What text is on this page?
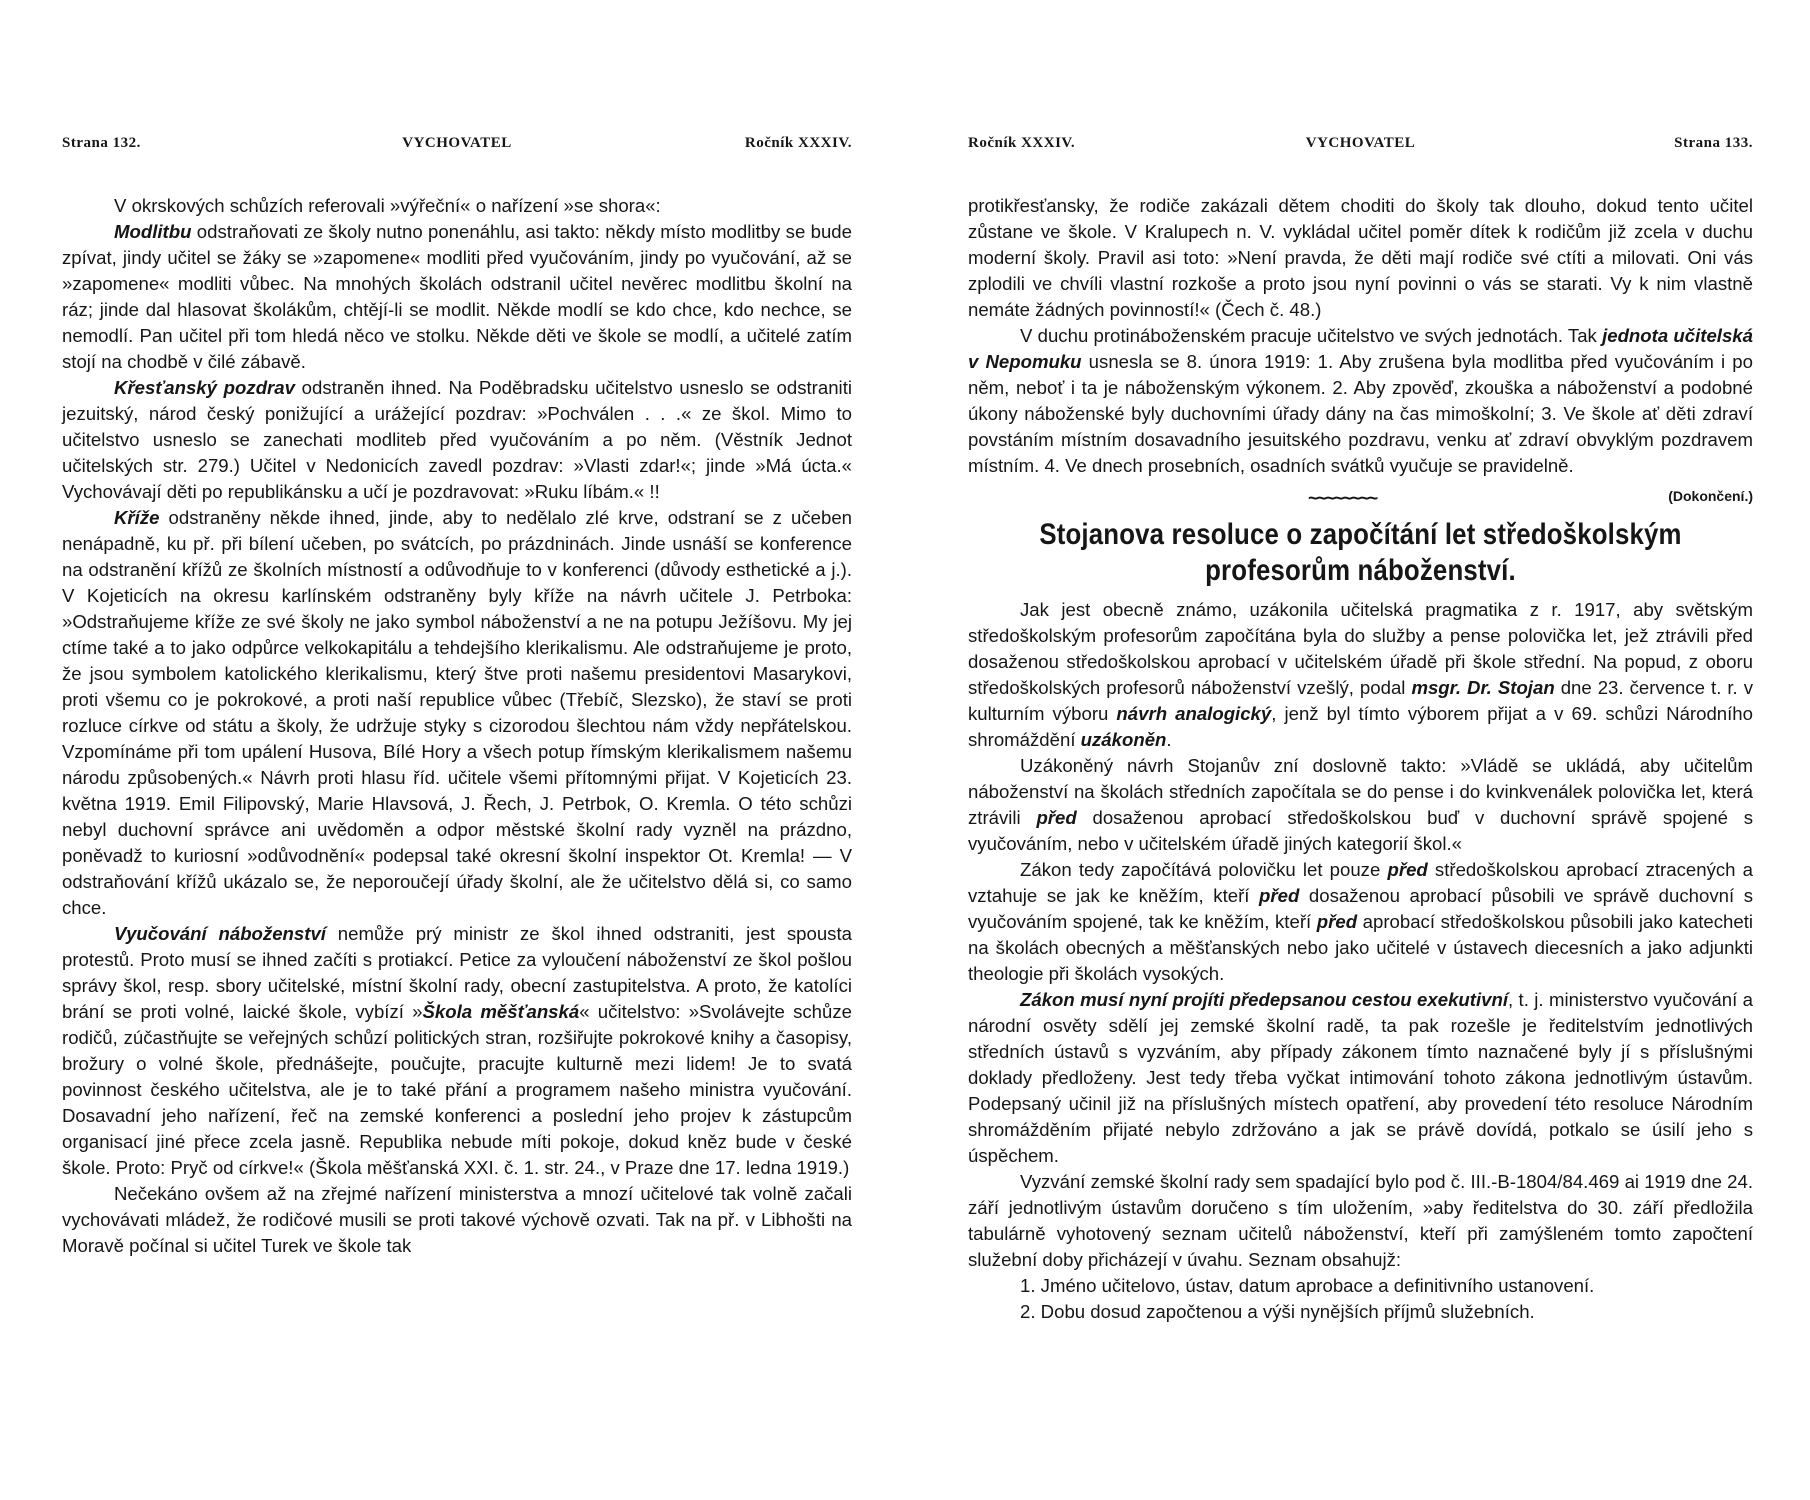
Strana 132.	VYCHOVATEL	Ročník XXXIV.

V okrskových schůzích referovali »výřeční« o nařízení »se shora«:

Modlitbu odstraňovati ze školy nutno ponenáhlu, asi takto: někdy místo modlitby se bude zpívat, jindy učitel se žáky se »zapomene« modliti před vyučováním, jindy po vyučování, až se »zapomene« modliti vůbec. Na mnohých školách odstranil učitel nevěrec modlitbu školní na ráz; jinde dal hlasovat školákům, chtějí-li se modlit. Někde modlí se kdo chce, kdo nechce, se nemodlí. Pan učitel při tom hledá něco ve stolku. Někde děti ve škole se modlí, a učitelé zatím stojí na chodbě v čilé zábavě.

Křesťanský pozdrav odstraněn ihned. Na Poděbradsku učitelstvo usneslo se odstraniti jezuitský, národ český ponižující a urážející pozdrav: »Pochválen . . .« ze škol. Mimo to učitelstvo usneslo se zanechati modliteb před vyučováním a po něm. (Věstník Jednot učitelských str. 279.) Učitel v Nedonicích zavedl pozdrav: »Vlasti zdar!«; jinde »Má úcta.« Vychovávají děti po republikánsku a učí je pozdravovat: »Ruku líbám.« !!

Kříže odstraněny někde ihned, jinde, aby to nedělalo zlé krve, odstraní se z učeben nenápadně, ku př. při bílení učeben, po svátcích, po prázdninách. Jinde usnáší se konference na odstranění křížů ze školních místností a odůvodňuje to v konferenci (důvody esthetické a j.). V Kojeticích na okresu karlínském odstraněny byly kříže na návrh učitele J. Petrboka: »Odstraňujeme kříže ze své školy ne jako symbol náboženství a ne na potupu Ježíšovu. My jej ctíme také a to jako odpůrce velkokapitálu a tehdejšího klerikalismu. Ale odstraňujeme je proto, že jsou symbolem katolického klerikalismu, který štve proti našemu presidentovi Masarykovi, proti všemu co je pokrokové, a proti naší republice vůbec (Třebíč, Slezsko), že staví se proti rozluce církve od státu a školy, že udržuje styky s cizorodou šlechtou nám vždy nepřátelskou. Vzpomínáme při tom upálení Husova, Bílé Hory a všech potup římským klerikalismem našemu národu způsobených.« Návrh proti hlasu říd. učitele všemi přítomnými přijat. V Kojeticích 23. května 1919. Emil Filipovský, Marie Hlavsová, J. Řech, J. Petrbok, O. Kremla. O této schůzi nebyl duchovní správce ani uvědoměn a odpor městské školní rady vyzněl na prázdno, poněvadž to kuriosní »odůvodnění« podepsal také okresní školní inspektor Ot. Kremla! — V odstraňování křížů ukázalo se, že neporoučejí úřady školní, ale že učitelstvo dělá si, co samo chce.

Vyučování náboženství nemůže prý ministr ze škol ihned odstraniti, jest spousta protestů. Proto musí se ihned začíti s protiakcí. Petice za vyloučení náboženství ze škol pošlou správy škol, resp. sbory učitelské, místní školní rady, obecní zastupitelstva. A proto, že katolíci brání se proti volné, laické škole, vybízí »Škola měšťanská« učitelstvo: »Svolávejte schůze rodičů, zúčastňujte se veřejných schůzí politických stran, rozšiřujte pokrokové knihy a časopisy, brožury o volné škole, přednášejte, poučujte, pracujte kulturně mezi lidem! Je to svatá povinnost českého učitelstva, ale je to také přání a programem našeho ministra vyučování. Dosavadní jeho nařízení, řeč na zemské konferenci a poslední jeho projev k zástupcům organisací jiné přece zcela jasně. Republika nebude míti pokoje, dokud kněz bude v české škole. Proto: Pryč od církve!« (Škola měšťanská XXI. č. 1. str. 24., v Praze dne 17. ledna 1919.)

Nečekáno ovšem až na zřejmé nařízení ministerstva a mnozí učitelové tak volně začali vychovávati mládež, že rodičové musili se proti takové výchově ozvati. Tak na př. v Libhošti na Moravě počínal si učitel Turek ve škole tak

Ročník XXXIV.	VYCHOVATEL	Strana 133.

protikřesťansky, že rodiče zakázali dětem choditi do školy tak dlouho, dokud tento učitel zůstane ve škole. V Kralupech n. V. vykládal učitel poměr dítek k rodičům již zcela v duchu moderní školy. Pravil asi toto: »Není pravda, že děti mají rodiče své ctíti a milovati. Oni vás zplodili ve chvíli vlastní rozkoše a proto jsou nyní povinni o vás se starati. Vy k nim vlastně nemáte žádných povinností!« (Čech č. 48.)

V duchu protináboženském pracuje učitelstvo ve svých jednotách. Tak jednota učitelská v Nepomuku usnesla se 8. února 1919: 1. Aby zrušena byla modlitba před vyučováním i po něm, neboť i ta je náboženským výkonem. 2. Aby zpověď, zkouška a náboženství a podobné úkony náboženské byly duchovními úřady dány na čas mimoškolní; 3. Ve škole ať děti zdraví povstáním místním dosavadního jesuitského pozdravu, venku ať zdraví obvyklým pozdravem místním. 4. Ve dnech prosebních, osadních svátků vyučuje se pravidelně.

~~~~~~~~	(Dokončení.)
Stojanova resoluce o započítání let středoškolským profesorům náboženství.

Jak jest obecně známo, uzákonila učitelská pragmatika z r. 1917, aby světským středoškolským profesorům započítána byla do služby a pense polovička let, jež ztrávili před dosaženou středoškolskou aprobací v učitelském úřadě při škole střední. Na popud, z oboru středoškolských profesorů náboženství vzešlý, podal msgr. Dr. Stojan dne 23. července t. r. v kulturním výboru návrh analogický, jenž byl tímto výborem přijat a v 69. schůzi Národního shromáždění uzákoněn.

Uzákoněný návrh Stojanův zní doslovně takto: »Vládě se ukládá, aby učitelům náboženství na školách středních započítala se do pense i do kvinkvenálek polovička let, která ztrávili před dosaženou aprobací středoškolskou buď v duchovní správě spojené s vyučováním, nebo v učitelském úřadě jiných kategorií škol.«

Zákon tedy započítává polovičku let pouze před středoškolskou aprobací ztracených a vztahuje se jak ke kněžím, kteří před dosaženou aprobací působili ve správě duchovní s vyučováním spojené, tak ke kněžím, kteří před aprobací středoškolskou působili jako katecheti na školách obecných a měšťanských nebo jako učitelé v ústavech diecesních a jako adjunkti theologie při školách vysokých.

Zákon musí nyní projíti předepsanou cestou exekutivní, t. j. ministerstvo vyučování a národní osvěty sdělí jej zemské školní radě, ta pak rozešle je ředitelstvím jednotlivých středních ústavů s vyzváním, aby případy zákonem tímto naznačené byly jí s příslušnými doklady předloženy. Jest tedy třeba vyčkat intimování tohoto zákona jednotlivým ústavům. Podepsaný učinil již na příslušných místech opatření, aby provedení této resoluce Národním shromážděním přijaté nebylo zdržováno a jak se právě dovídá, potkalo se úsilí jeho s úspěchem.

Vyzvání zemské školní rady sem spadající bylo pod č. III.-B-1804/84.469 ai 1919 dne 24. září jednotlivým ústavům doručeno s tím uložením, »aby ředitelstva do 30. září předložila tabulárně vyhotovený seznam učitelů náboženství, kteří při zamýšleném tomto započtení služební doby přicházejí v úvahu. Seznam obsahujž:

1. Jméno učitelovo, ústav, datum aprobace a definitivního ustanovení.

2. Dobu dosud započtenou a výši nynějších příjmů služebních.
